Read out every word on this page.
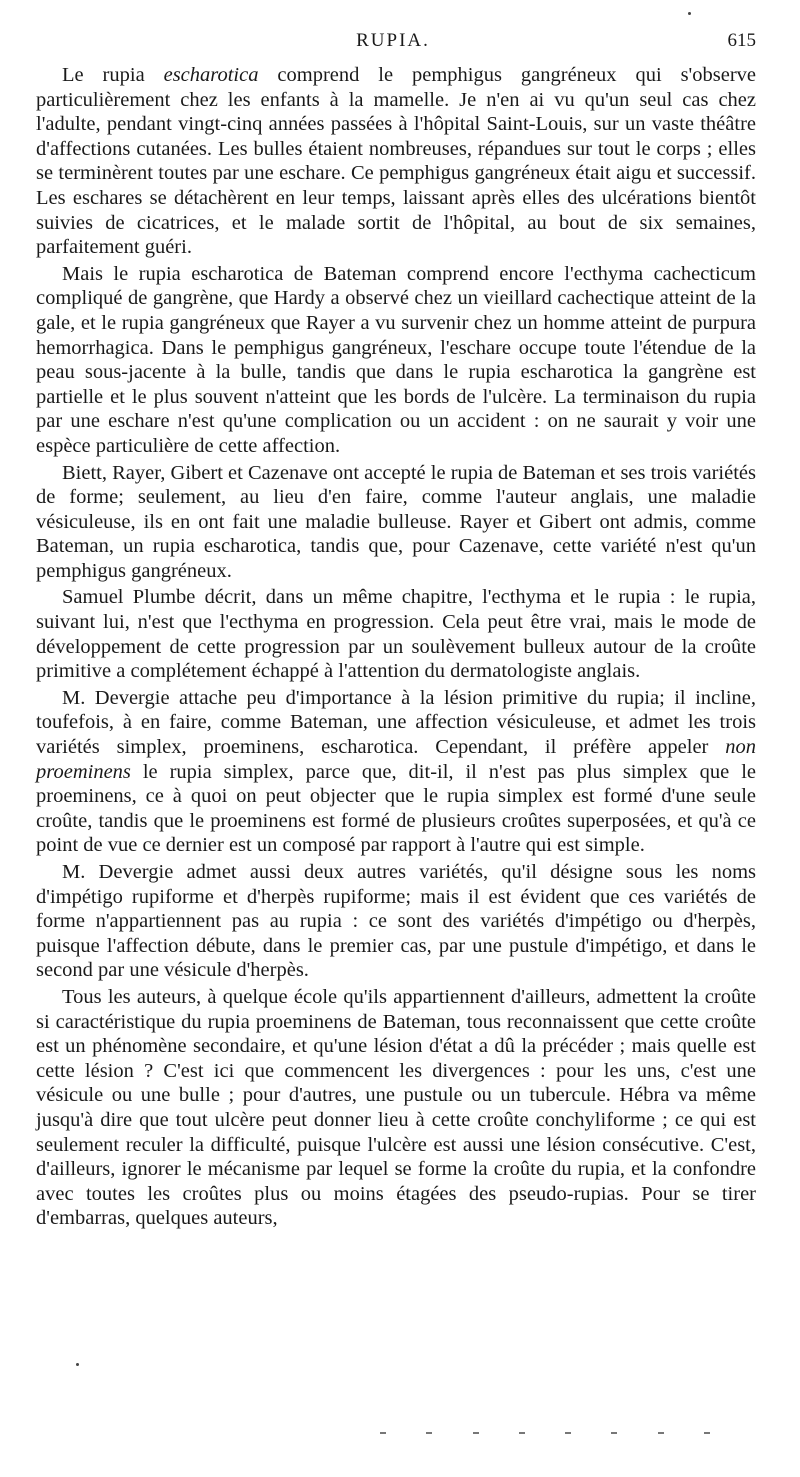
RUPIA.	615

Le rupia escharotica comprend le pemphigus gangréneux qui s'observe particulièrement chez les enfants à la mamelle. Je n'en ai vu qu'un seul cas chez l'adulte, pendant vingt-cinq années passées à l'hôpital Saint-Louis, sur un vaste théâtre d'affections cutanées. Les bulles étaient nombreuses, répandues sur tout le corps ; elles se terminèrent toutes par une eschare. Ce pemphigus gangréneux était aigu et successif. Les eschares se détachèrent en leur temps, laissant après elles des ulcérations bientôt suivies de cicatrices, et le malade sortit de l'hôpital, au bout de six semaines, parfaitement guéri.

Mais le rupia escharotica de Bateman comprend encore l'ecthyma cachecticum compliqué de gangrène, que Hardy a observé chez un vieillard cachectique atteint de la gale, et le rupia gangréneux que Rayer a vu survenir chez un homme atteint de purpura hemorrhagica. Dans le pemphigus gangréneux, l'eschare occupe toute l'étendue de la peau sous-jacente à la bulle, tandis que dans le rupia escharotica la gangrène est partielle et le plus souvent n'atteint que les bords de l'ulcère. La terminaison du rupia par une eschare n'est qu'une complication ou un accident : on ne saurait y voir une espèce particulière de cette affection.

Biett, Rayer, Gibert et Cazenave ont accepté le rupia de Bateman et ses trois variétés de forme; seulement, au lieu d'en faire, comme l'auteur anglais, une maladie vésiculeuse, ils en ont fait une maladie bulleuse. Rayer et Gibert ont admis, comme Bateman, un rupia escharotica, tandis que, pour Cazenave, cette variété n'est qu'un pemphigus gangréneux.

Samuel Plumbe décrit, dans un même chapitre, l'ecthyma et le rupia : le rupia, suivant lui, n'est que l'ecthyma en progression. Cela peut être vrai, mais le mode de développement de cette progression par un soulèvement bulleux autour de la croûte primitive a complétement échappé à l'attention du dermatologiste anglais.

M. Devergie attache peu d'importance à la lésion primitive du rupia; il incline, toufefois, à en faire, comme Bateman, une affection vésiculeuse, et admet les trois variétés simplex, proeminens, escharotica. Cependant, il préfère appeler non proeminens le rupia simplex, parce que, dit-il, il n'est pas plus simplex que le proeminens, ce à quoi on peut objecter que le rupia simplex est formé d'une seule croûte, tandis que le proeminens est formé de plusieurs croûtes superposées, et qu'à ce point de vue ce dernier est un composé par rapport à l'autre qui est simple.

M. Devergie admet aussi deux autres variétés, qu'il désigne sous les noms d'impétigo rupiforme et d'herpès rupiforme; mais il est évident que ces variétés de forme n'appartiennent pas au rupia : ce sont des variétés d'impétigo ou d'herpès, puisque l'affection débute, dans le premier cas, par une pustule d'impétigo, et dans le second par une vésicule d'herpès.

Tous les auteurs, à quelque école qu'ils appartiennent d'ailleurs, admettent la croûte si caractéristique du rupia proeminens de Bateman, tous reconnaissent que cette croûte est un phénomène secondaire, et qu'une lésion d'état a dû la précéder ; mais quelle est cette lésion ? C'est ici que commencent les divergences : pour les uns, c'est une vésicule ou une bulle ; pour d'autres, une pustule ou un tubercule. Hébra va même jusqu'à dire que tout ulcère peut donner lieu à cette croûte conchyliforme ; ce qui est seulement reculer la difficulté, puisque l'ulcère est aussi une lésion consécutive. C'est, d'ailleurs, ignorer le mécanisme par lequel se forme la croûte du rupia, et la confondre avec toutes les croûtes plus ou moins étagées des pseudo-rupias. Pour se tirer d'embarras, quelques auteurs,
